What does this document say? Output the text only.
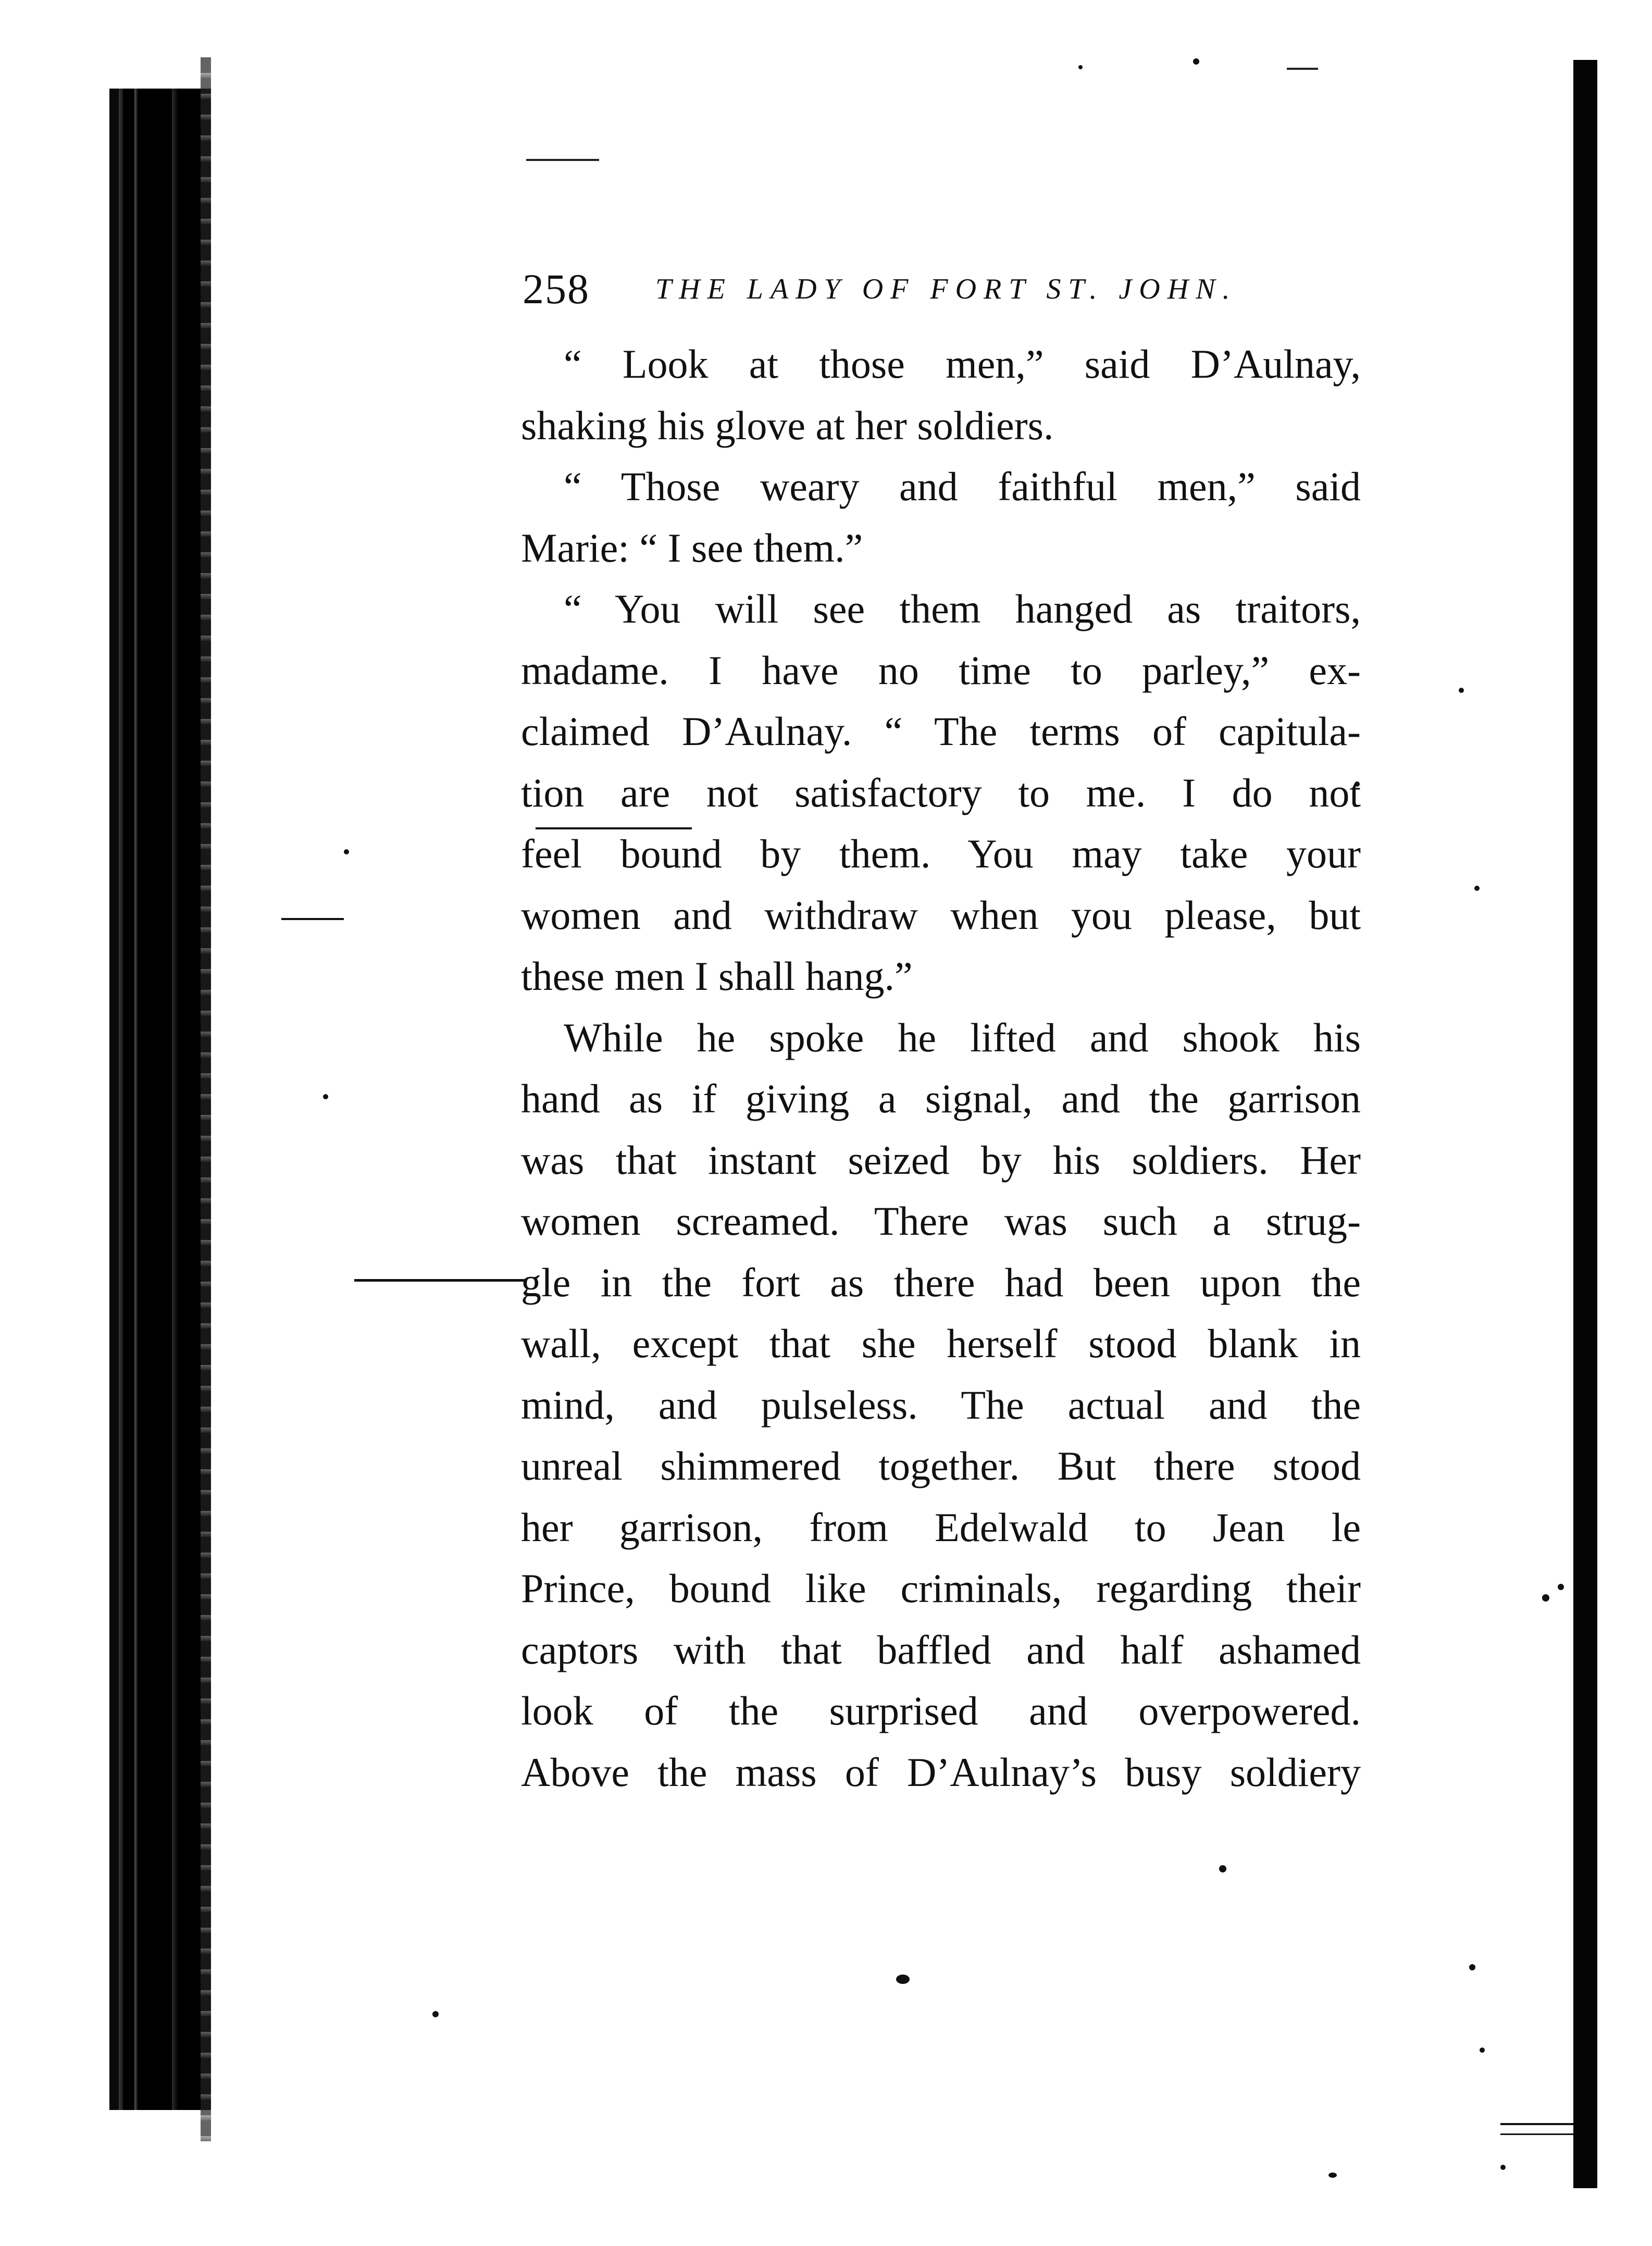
258 THE LADY OF FORT ST. JOHN.
“ Look at those men,” said D’Aulnay,
shaking his glove at her soldiers.
“ Those weary and faithful men,” said
Marie: “ I see them.”
“ You will see them hanged as traitors,
madame. I have no time to parley,” ex-
claimed D’Aulnay. “ The terms of capitula-
tion are not satisfactory to me. I do not
feel bound by them. You may take your
women and withdraw when you please, but
these men I shall hang.”
While he spoke he lifted and shook his
hand as if giving a signal, and the garrison
was that instant seized by his soldiers. Her
women screamed. There was such a strug-
gle in the fort as there had been upon the
wall, except that she herself stood blank in
mind, and pulseless. The actual and the
unreal shimmered together. But there stood
her garrison, from Edelwald to Jean le
Prince, bound like criminals, regarding their
captors with that baffled and half ashamed
look of the surprised and overpowered.
Above the mass of D’Aulnay’s busy soldiery
